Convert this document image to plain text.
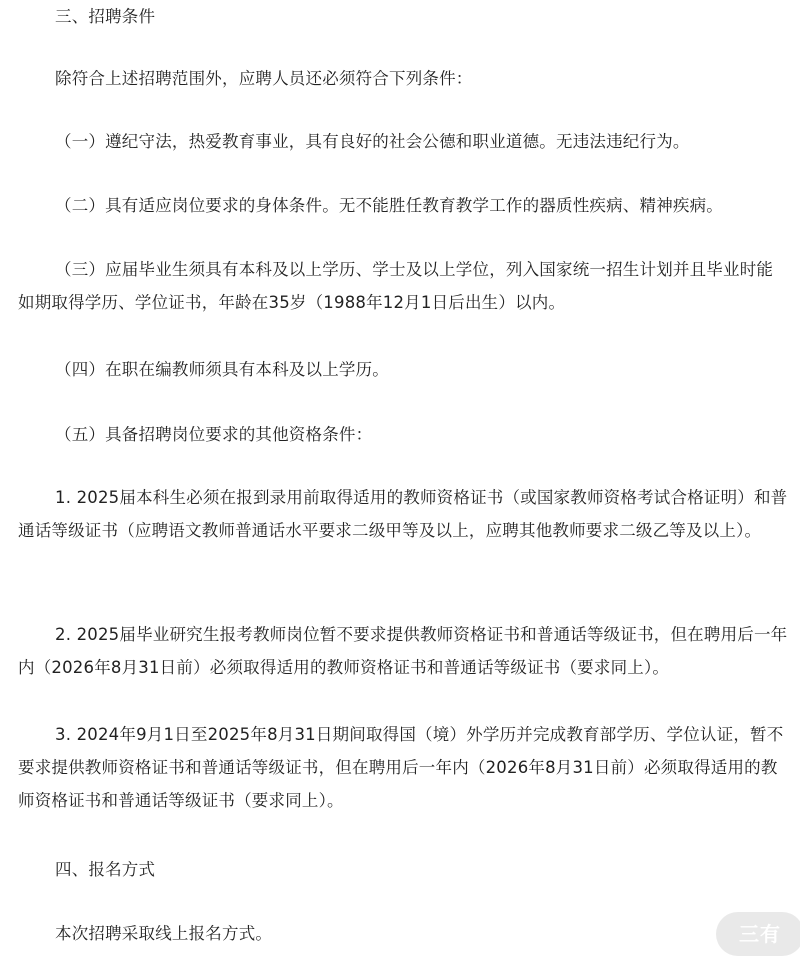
三、招聘条件

除符合上述招聘范围外，应聘人员还必须符合下列条件：

（一）遵纪守法，热爱教育事业，具有良好的社会公德和职业道德。无违法违纪行为。

（二）具有适应岗位要求的身体条件。无不能胜任教育教学工作的器质性疾病、精神疾病。

（三）应届毕业生须具有本科及以上学历、学士及以上学位，列入国家统一招生计划并且毕业时能如期取得学历、学位证书，年龄在35岁（1988年12月1日后出生）以内。

（四）在职在编教师须具有本科及以上学历。

（五）具备招聘岗位要求的其他资格条件：

1. 2025届本科生必须在报到录用前取得适用的教师资格证书（或国家教师资格考试合格证明）和普通话等级证书（应聘语文教师普通话水平要求二级甲等及以上，应聘其他教师要求二级乙等及以上）。

2. 2025届毕业研究生报考教师岗位暂不要求提供教师资格证书和普通话等级证书，但在聘用后一年内（2026年8月31日前）必须取得适用的教师资格证书和普通话等级证书（要求同上）。

3. 2024年9月1日至2025年8月31日期间取得国（境）外学历并完成教育部学历、学位认证，暂不要求提供教师资格证书和普通话等级证书，但在聘用后一年内（2026年8月31日前）必须取得适用的教师资格证书和普通话等级证书（要求同上）。

四、报名方式

本次招聘采取线上报名方式。	三有
